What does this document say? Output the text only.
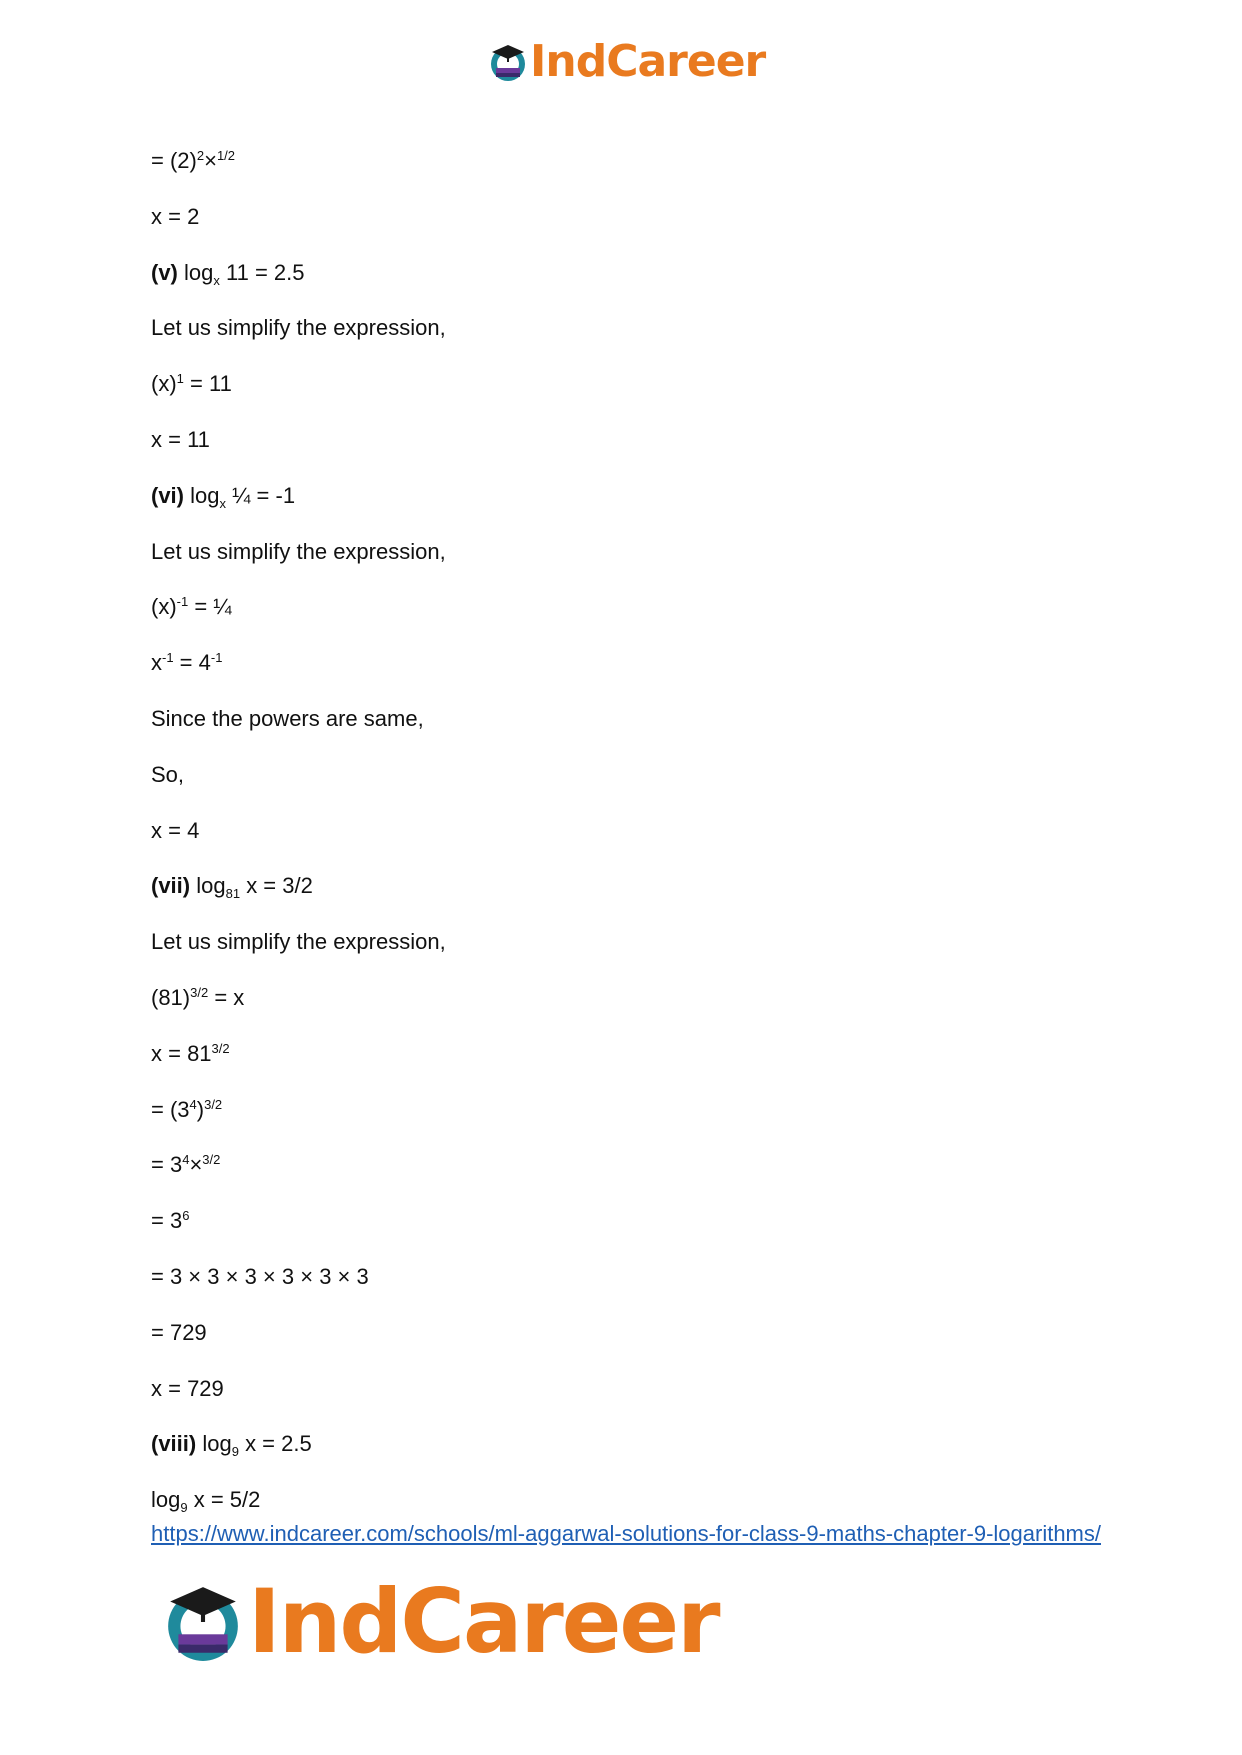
IndCareer
= $(2)^2\times^{1/2}$
x = 2
(v) $\log_x 11 = 2.5$
Let us simplify the expression,
$(x)^1 = 11$
x = 11
(vi) $\log_x$ ¼ = -1
Let us simplify the expression,
$(x)^{-1}$ = ¼
$x^{-1} = 4^{-1}$
Since the powers are same,
So,
x = 4
(vii) $\log_{81} x = 3/2$
Let us simplify the expression,
$(81)^{3/2} = x$
$x = 81^{3/2}$
= $(3^4)^{3/2}$
= $3^4\times^{3/2}$
= $3^6$
= 3 × 3 × 3 × 3 × 3 × 3
= 729
x = 729
(viii) $\log_9 x = 2.5$
$\log_9 x = 5/2$
https://www.indcareer.com/schools/ml-aggarwal-solutions-for-class-9-maths-chapter-9-logarithms/
IndCareer
